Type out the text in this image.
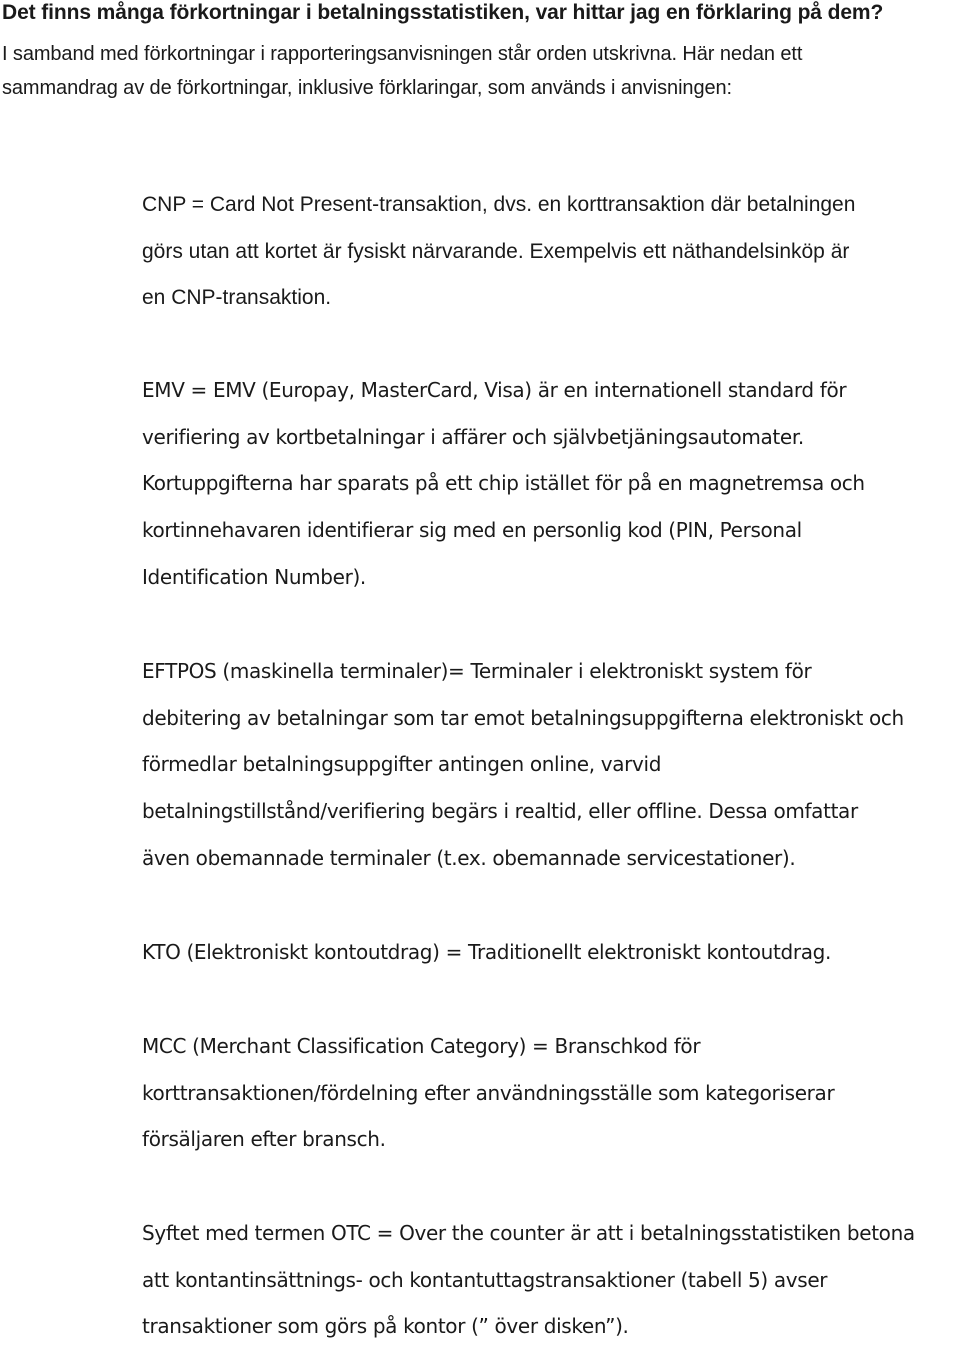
Det finns många förkortningar i betalningsstatistiken, var hittar jag en förklaring på dem?

I samband med förkortningar i rapporteringsanvisningen står orden utskrivna. Här nedan ett
sammandrag av de förkortningar, inklusive förklaringar, som används i anvisningen:

CNP = Card Not Present-transaktion, dvs. en korttransaktion där betalningen
görs utan att kortet är fysiskt närvarande. Exempelvis ett näthandelsinköp är
en CNP-transaktion.

EMV = EMV (Europay, MasterCard, Visa) är en internationell standard för
verifiering av kortbetalningar i affärer och självbetjäningsautomater.
Kortuppgifterna har sparats på ett chip istället för på en magnetremsa och
kortinnehavaren identifierar sig med en personlig kod (PIN, Personal
Identification Number).

EFTPOS (maskinella terminaler)= Terminaler i elektroniskt system för
debitering av betalningar som tar emot betalningsuppgifterna elektroniskt och
förmedlar betalningsuppgifter antingen online, varvid
betalningstillstånd/verifiering begärs i realtid, eller offline. Dessa omfattar
även obemannade terminaler (t.ex. obemannade servicestationer).

KTO (Elektroniskt kontoutdrag) = Traditionellt elektroniskt kontoutdrag.

MCC (Merchant Classification Category) = Branschkod för
korttransaktionen/fördelning efter användningsställe som kategoriserar
försäljaren efter bransch.

Syftet med termen OTC = Over the counter är att i betalningsstatistiken betona
att kontantinsättnings- och kontantuttagstransaktioner (tabell 5) avser
transaktioner som görs på kontor (” över disken”).
